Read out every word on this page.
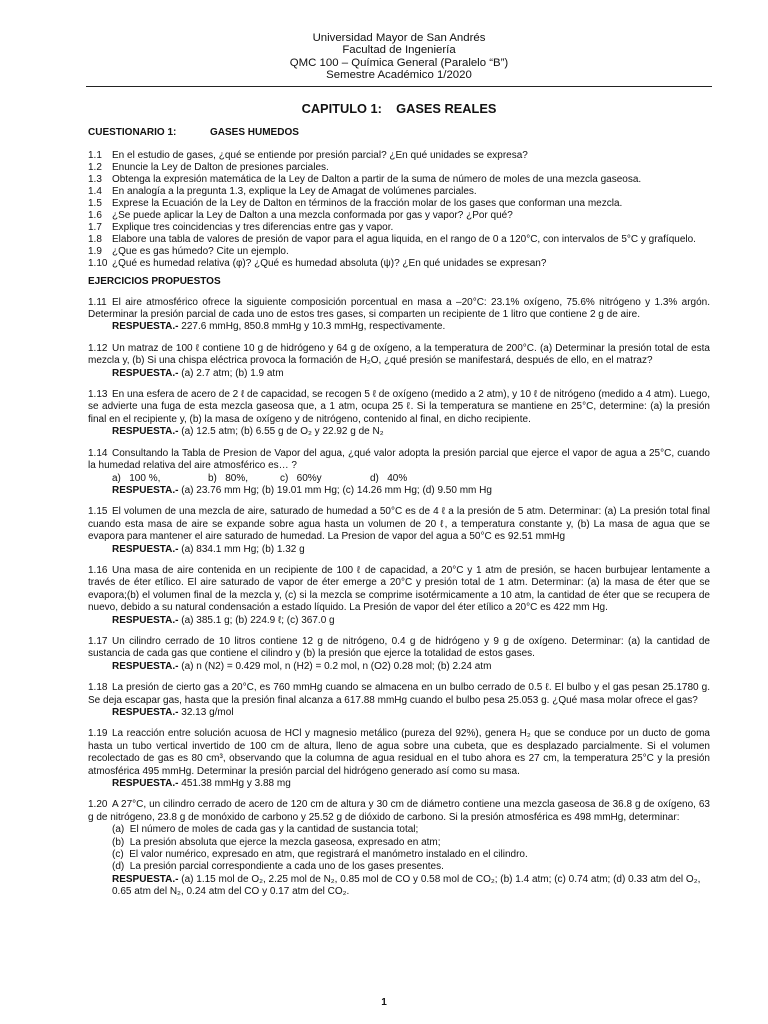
Universidad Mayor de San Andrés
Facultad de Ingeniería
QMC 100 – Química General (Paralelo “B”)
Semestre Académico 1/2020
CAPITULO 1:    GASES REALES
CUESTIONARIO 1:	GASES HUMEDOS
1.1	En el estudio de gases, ¿qué se entiende por presión parcial? ¿En qué unidades se expresa?
1.2	Enuncie la Ley de Dalton de presiones parciales.
1.3	Obtenga la expresión matemática de la Ley de Dalton a partir de la suma de número de moles de una mezcla gaseosa.
1.4	En analogía a la pregunta 1.3, explique la Ley de Amagat de volúmenes parciales.
1.5	Exprese la Ecuación de la Ley de Dalton en términos de la fracción molar de los gases que conforman una mezcla.
1.6	¿Se puede aplicar la Ley de Dalton a una mezcla conformada por gas y vapor? ¿Por qué?
1.7	Explique tres coincidencias y tres diferencias entre gas y vapor.
1.8	Elabore una tabla de valores de presión de vapor para el agua liquida, en el rango de 0 a 120°C, con intervalos de 5°C y grafíquelo.
1.9	¿Que es gas húmedo? Cite un ejemplo.
1.10 ¿Qué es humedad relativa (φ)? ¿Qué es humedad absoluta (ψ)? ¿En qué unidades se expresan?
EJERCICIOS PROPUESTOS
1.11 El aire atmosférico ofrece la siguiente composición porcentual en masa a –20°C: 23.1% oxígeno, 75.6% nitrógeno y 1.3% argón. Determinar la presión parcial de cada uno de estos tres gases, si comparten un recipiente de 1 litro que contiene 2 g de aire.
RESPUESTA.- 227.6 mmHg, 850.8 mmHg y 10.3 mmHg, respectivamente.
1.12 Un matraz de 100 ℓ contiene 10 g de hidrógeno y 64 g de oxígeno, a la temperatura de 200°C. (a) Determinar la presión total de esta mezcla y, (b) Si una chispa eléctrica provoca la formación de H₂O, ¿qué presión se manifestará, después de ello, en el matraz?
RESPUESTA.- (a) 2.7 atm; (b) 1.9 atm
1.13 En una esfera de acero de 2 ℓ de capacidad, se recogen 5 ℓ de oxígeno (medido a 2 atm), y 10 ℓ de nitrógeno (medido a 4 atm). Luego, se advierte una fuga de esta mezcla gaseosa que, a 1 atm, ocupa 25 ℓ. Si la temperatura se mantiene en 25°C, determine: (a) la presión final en el recipiente y, (b) la masa de oxígeno y de nitrógeno, contenido al final, en dicho recipiente.
RESPUESTA.- (a) 12.5 atm; (b) 6.55 g de O₂ y 22.92 g de N₂
1.14 Consultando la Tabla de Presion de Vapor del agua, ¿qué valor adopta la presión parcial que ejerce el vapor de agua a 25°C, cuando la humedad relativa del aire atmosférico es… ?
a)   100 %,	b)   80%,	c)   60%y	d)   40%
RESPUESTA.- (a) 23.76 mm Hg; (b) 19.01 mm Hg; (c) 14.26 mm Hg; (d) 9.50 mm Hg
1.15 El volumen de una mezcla de aire, saturado de humedad a 50°C es de 4 ℓ a la presión de 5 atm. Determinar: (a) La presión total final cuando esta masa de aire se expande sobre agua hasta un volumen de 20 ℓ, a temperatura constante y, (b) La masa de agua que se evapora para mantener el aire saturado de humedad. La Presion de vapor del agua a 50°C es 92.51 mmHg
RESPUESTA.- (a) 834.1 mm Hg; (b) 1.32 g
1.16 Una masa de aire contenida en un recipiente de 100 ℓ de capacidad, a 20°C y 1 atm de presión, se hacen burbujear lentamente a través de éter etílico. El aire saturado de vapor de éter emerge a 20°C y presión total de 1 atm. Determinar: (a) la masa de éter que se evapora;(b) el volumen final de la mezcla y, (c) si la mezcla se comprime isotérmicamente a 10 atm, la cantidad de éter que se recupera de nuevo, debido a su natural condensación a estado líquido. La Presión de vapor del éter etílico a 20°C es 422 mm Hg.
RESPUESTA.- (a) 385.1 g; (b) 224.9 ℓ; (c) 367.0 g
1.17 Un cilindro cerrado de 10 litros contiene 12 g de nitrógeno, 0.4 g de hidrógeno y 9 g de oxígeno. Determinar: (a) la cantidad de sustancia de cada gas que contiene el cilindro y (b) la presión que ejerce la totalidad de estos gases.
RESPUESTA.- (a) n (N2) = 0.429 mol, n (H2) = 0.2 mol, n (O2) 0.28 mol; (b) 2.24 atm
1.18 La presión de cierto gas a 20°C, es 760 mmHg cuando se almacena en un bulbo cerrado de 0.5 ℓ. El bulbo y el gas pesan 25.1780 g. Se deja escapar gas, hasta que la presión final alcanza a 617.88 mmHg cuando el bulbo pesa 25.053 g. ¿Qué masa molar ofrece el gas?
RESPUESTA.- 32.13 g/mol
1.19 La reacción entre solución acuosa de HCl y magnesio metálico (pureza del 92%), genera H₂ que se conduce por un ducto de goma hasta un tubo vertical invertido de 100 cm de altura, lleno de agua sobre una cubeta, que es desplazado parcialmente. Si el volumen recolectado de gas es 80 cm³, observando que la columna de agua residual en el tubo ahora es 27 cm, la temperatura 25°C y la presión atmosférica 495 mmHg. Determinar la presión parcial del hidrógeno generado así como su masa.
RESPUESTA.- 451.38 mmHg y 3.88 mg
1.20 A 27°C, un cilindro cerrado de acero de 120 cm de altura y 30 cm de diámetro contiene una mezcla gaseosa de 36.8 g de oxígeno, 63 g de nitrógeno, 23.8 g de monóxido de carbono y 25.52 g de dióxido de carbono. Si la presión atmosférica es 498 mmHg, determinar:
(a)  El número de moles de cada gas y la cantidad de sustancia total;
(b)  La presión absoluta que ejerce la mezcla gaseosa, expresado en atm;
(c)  El valor numérico, expresado en atm, que registrará el manómetro instalado en el cilindro.
(d)  La presión parcial correspondiente a cada uno de los gases presentes.
RESPUESTA.- (a) 1.15 mol de O₂, 2.25 mol de N₂, 0.85 mol de CO y 0.58 mol de CO₂; (b) 1.4 atm; (c) 0.74 atm; (d) 0.33 atm del O₂, 0.65 atm del N₂, 0.24 atm del CO y 0.17 atm del CO₂.
1
